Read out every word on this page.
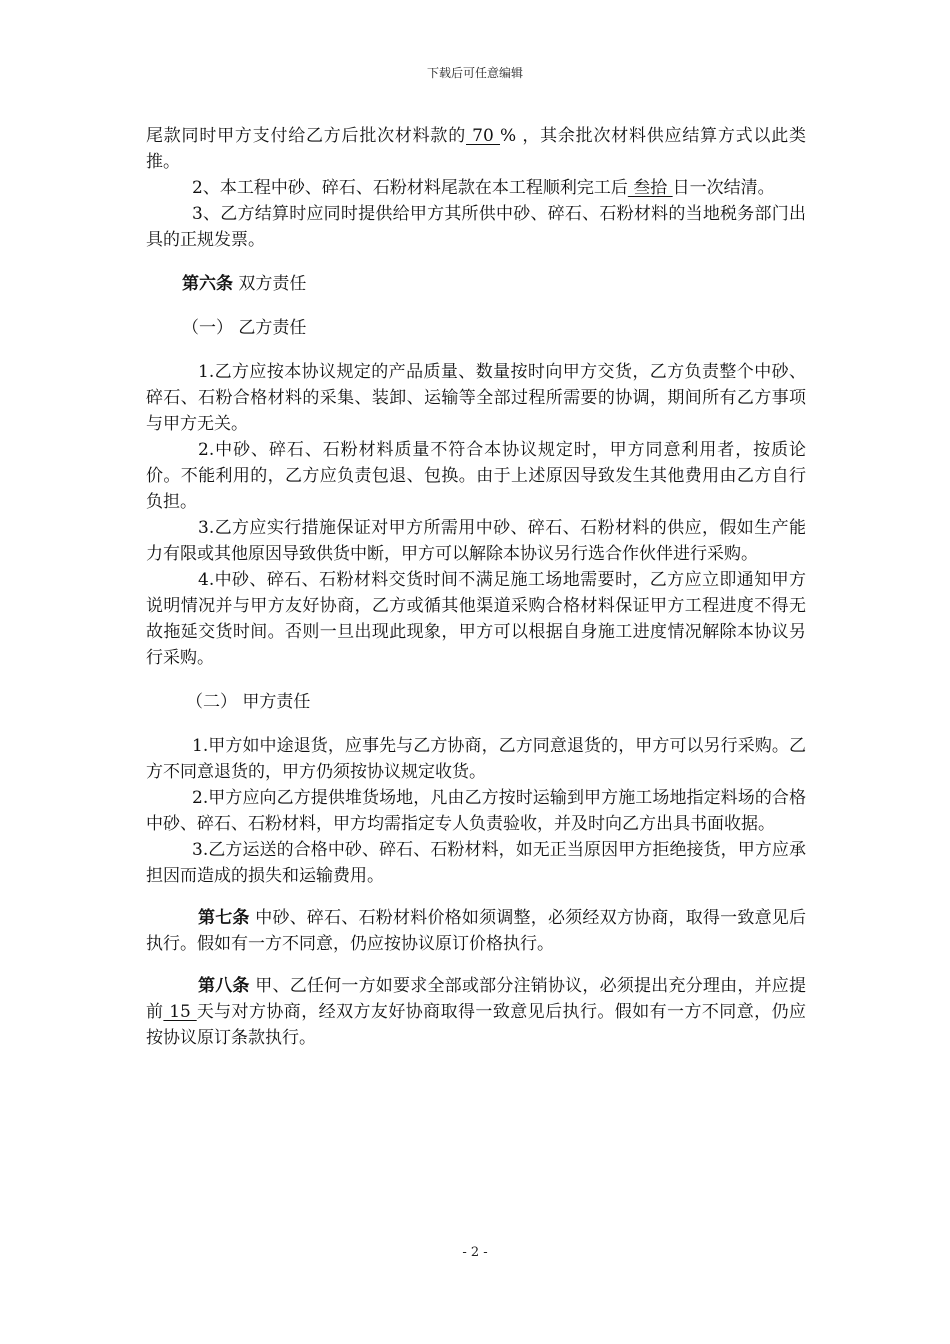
下载后可任意编辑

尾款同时甲方支付给乙方后批次材料款的 70 % ，其余批次材料供应结算方式以此类推。

2、本工程中砂、碎石、石粉材料尾款在本工程顺利完工后 叁拾 日一次结清。

3、乙方结算时应同时提供给甲方其所供中砂、碎石、石粉材料的当地税务部门出具的正规发票。

第六条 双方责任

（一） 乙方责任

1.乙方应按本协议规定的产品质量、数量按时向甲方交货，乙方负责整个中砂、碎石、石粉合格材料的采集、装卸、运输等全部过程所需要的协调，期间所有乙方事项与甲方无关。

2.中砂、碎石、石粉材料质量不符合本协议规定时，甲方同意利用者，按质论价。不能利用的，乙方应负责包退、包换。由于上述原因导致发生其他费用由乙方自行负担。

3.乙方应实行措施保证对甲方所需用中砂、碎石、石粉材料的供应，假如生产能力有限或其他原因导致供货中断，甲方可以解除本协议另行选合作伙伴进行采购。

4.中砂、碎石、石粉材料交货时间不满足施工场地需要时，乙方应立即通知甲方说明情况并与甲方友好协商，乙方或循其他渠道采购合格材料保证甲方工程进度不得无故拖延交货时间。否则一旦出现此现象，甲方可以根据自身施工进度情况解除本协议另行采购。

（二） 甲方责任

1.甲方如中途退货，应事先与乙方协商，乙方同意退货的，甲方可以另行采购。乙方不同意退货的，甲方仍须按协议规定收货。

2.甲方应向乙方提供堆货场地，凡由乙方按时运输到甲方施工场地指定料场的合格中砂、碎石、石粉材料，甲方均需指定专人负责验收，并及时向乙方出具书面收据。

3.乙方运送的合格中砂、碎石、石粉材料，如无正当原因甲方拒绝接货，甲方应承担因而造成的损失和运输费用。

第七条 中砂、碎石、石粉材料价格如须调整，必须经双方协商，取得一致意见后执行。假如有一方不同意，仍应按协议原订价格执行。

第八条 甲、乙任何一方如要求全部或部分注销协议，必须提出充分理由，并应提前 15 天与对方协商，经双方友好协商取得一致意见后执行。假如有一方不同意，仍应按协议原订条款执行。

- 2 -
